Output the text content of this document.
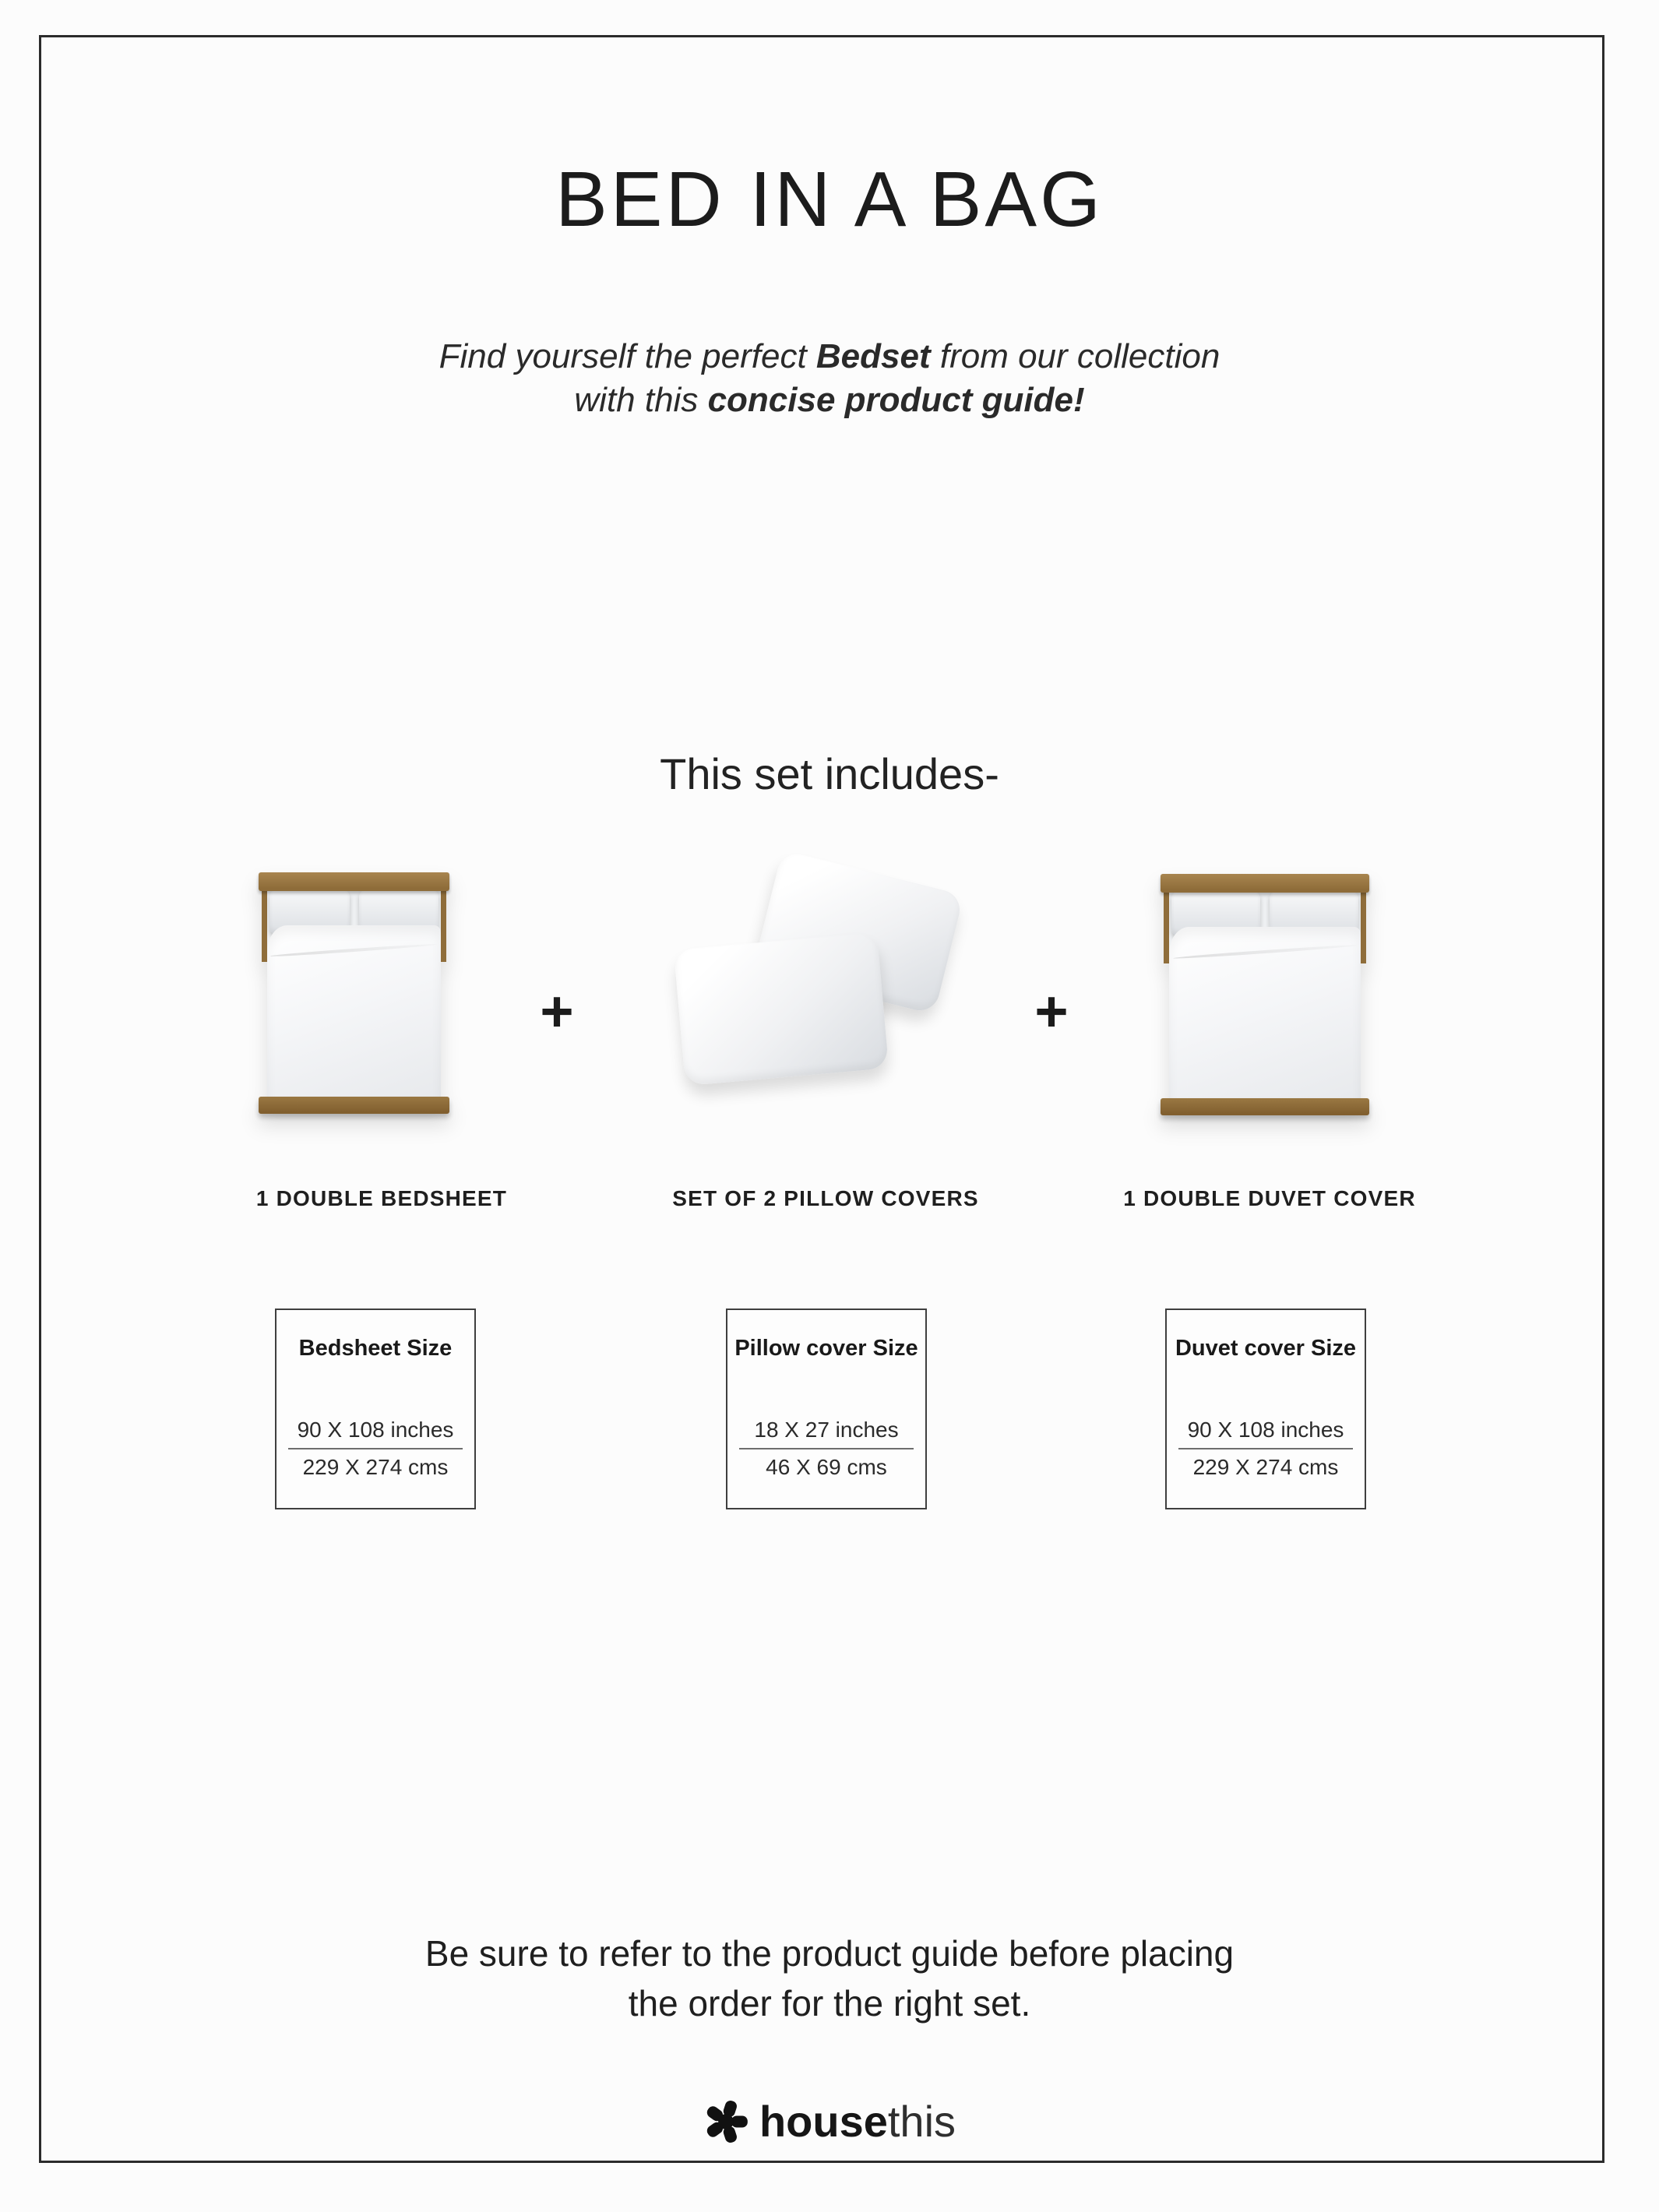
BED IN A BAG

Find yourself the perfect Bedset from our collection
with this concise product guide!

This set includes-
+	+
1 DOUBLE BEDSHEET	SET OF 2 PILLOW COVERS	1 DOUBLE DUVET COVER

Bedsheet Size

90 X 108 inches
229 X 274 cms

Pillow cover Size

18 X 27 inches
46 X 69 cms

Duvet cover Size

90 X 108 inches
229 X 274 cms

Be sure to refer to the product guide before placing
the order for the right set.

housethis
